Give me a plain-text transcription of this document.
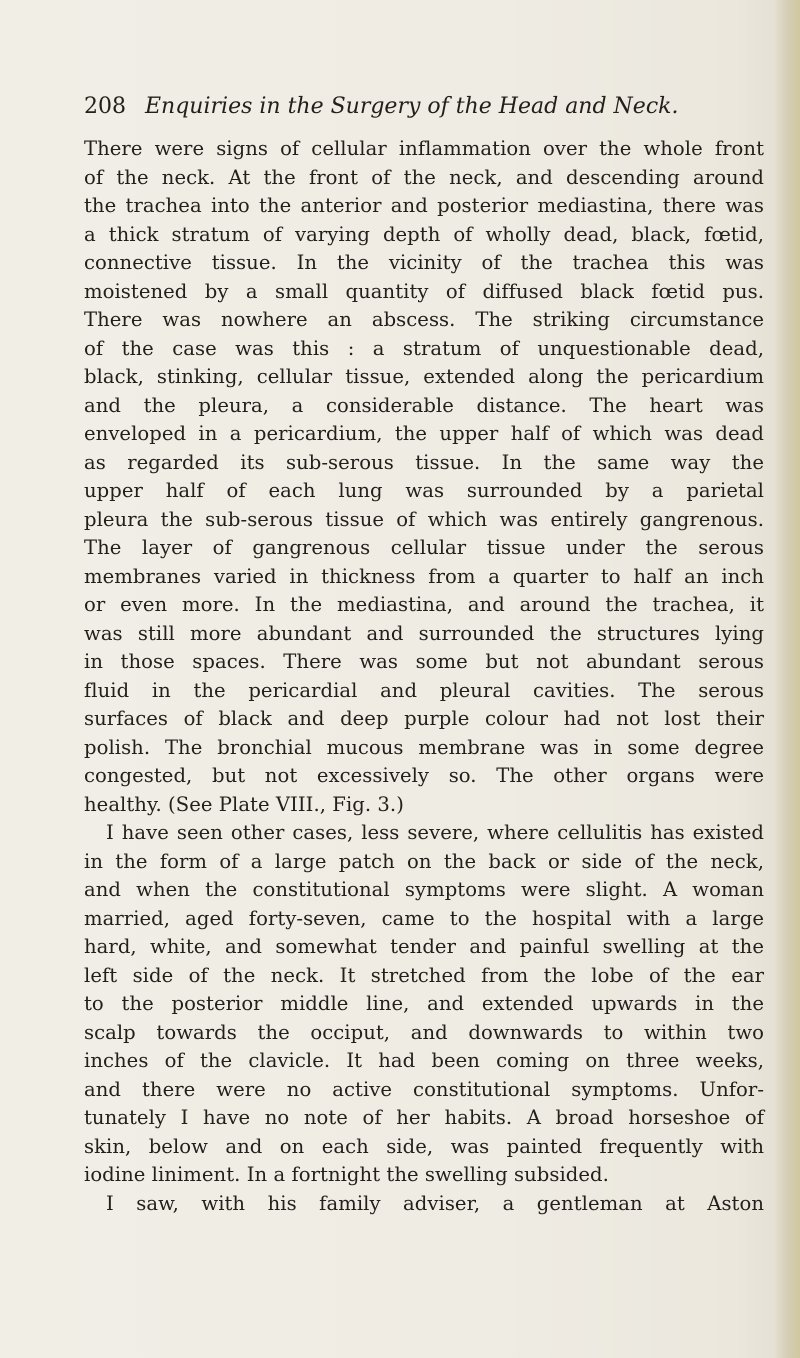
208 Enquiries in the Surgery of the Head and Neck.
There were signs of cellular inflammation over the whole front
of the neck. At the front of the neck, and descending around
the trachea into the anterior and posterior mediastina, there was
a thick stratum of varying depth of wholly dead, black, fœtid,
connective tissue. In the vicinity of the trachea this was
moistened by a small quantity of diffused black fœtid pus.
There was nowhere an abscess. The striking circumstance
of the case was this : a stratum of unquestionable dead,
black, stinking, cellular tissue, extended along the pericardium
and the pleura, a considerable distance. The heart was
enveloped in a pericardium, the upper half of which was dead
as regarded its sub-serous tissue. In the same way the
upper half of each lung was surrounded by a parietal
pleura the sub-serous tissue of which was entirely gangrenous.
The layer of gangrenous cellular tissue under the serous
membranes varied in thickness from a quarter to half an inch
or even more. In the mediastina, and around the trachea, it
was still more abundant and surrounded the structures lying
in those spaces. There was some but not abundant serous
fluid in the pericardial and pleural cavities. The serous
surfaces of black and deep purple colour had not lost their
polish. The bronchial mucous membrane was in some degree
congested, but not excessively so. The other organs were
healthy. (See Plate VIII., Fig. 3.)
I have seen other cases, less severe, where cellulitis has existed
in the form of a large patch on the back or side of the neck,
and when the constitutional symptoms were slight. A woman
married, aged forty-seven, came to the hospital with a large
hard, white, and somewhat tender and painful swelling at the
left side of the neck. It stretched from the lobe of the ear
to the posterior middle line, and extended upwards in the
scalp towards the occiput, and downwards to within two
inches of the clavicle. It had been coming on three weeks,
and there were no active constitutional symptoms. Unfor-
tunately I have no note of her habits. A broad horseshoe of
skin, below and on each side, was painted frequently with
iodine liniment. In a fortnight the swelling subsided.
I saw, with his family adviser, a gentleman at Aston
